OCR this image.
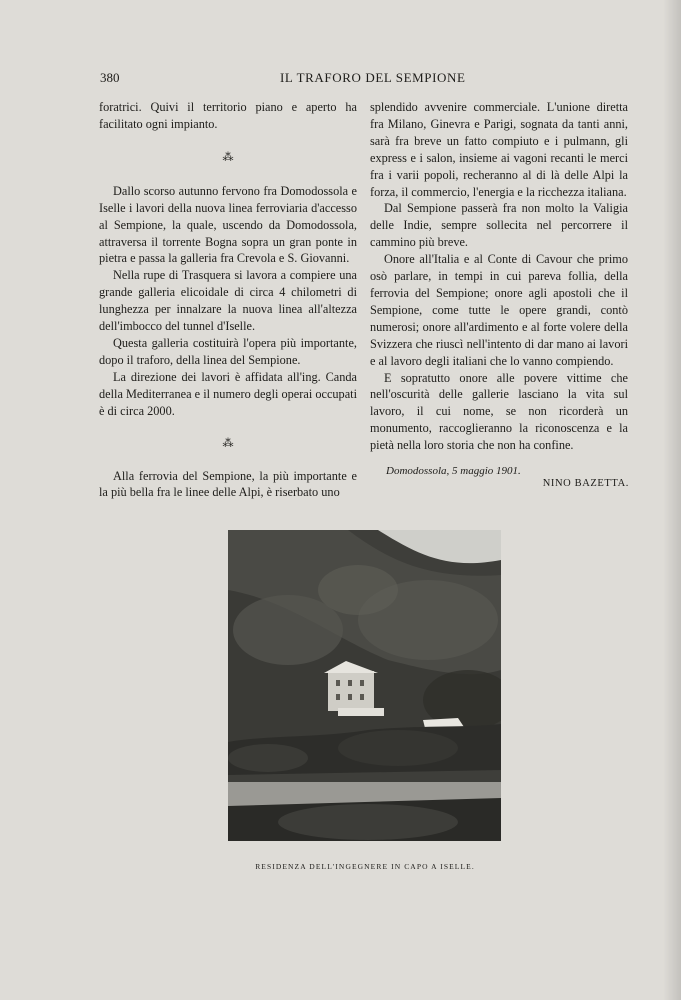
380	IL TRAFORO DEL SEMPIONE

foratrici. Quivi il territorio piano e aperto ha facilitato ogni impianto.

⁂

Dallo scorso autunno fervono fra Domodossola e Iselle i lavori della nuova linea ferroviaria d'accesso al Sempione, la quale, uscendo da Domodossola, attraversa il torrente Bogna sopra un gran ponte in pietra e passa la galleria fra Crevola e S. Giovanni.

Nella rupe di Trasquera si lavora a compiere una grande galleria elicoidale di circa 4 chilometri di lunghezza per innalzare la nuova linea all'altezza dell'imbocco del tunnel d'Iselle.

Questa galleria costituirà l'opera più importante, dopo il traforo, della linea del Sempione.

La direzione dei lavori è affidata all'ing. Canda della Mediterranea e il numero degli operai occupati è di circa 2000.

⁂

Alla ferrovia del Sempione, la più importante e la più bella fra le linee delle Alpi, è riserbato uno

splendido avvenire commerciale. L'unione diretta fra Milano, Ginevra e Parigi, sognata da tanti anni, sarà fra breve un fatto compiuto e i pulmann, gli express e i salon, insieme ai vagoni recanti le merci fra i varii popoli, recheranno al di là delle Alpi la forza, il commercio, l'energia e la ricchezza italiana.

Dal Sempione passerà fra non molto la Valigia delle Indie, sempre sollecita nel percorrere il cammino più breve.

Onore all'Italia e al Conte di Cavour che primo osò parlare, in tempi in cui pareva follia, della ferrovia del Sempione; onore agli apostoli che il Sempione, come tutte le opere grandi, contò numerosi; onore all'ardimento e al forte volere della Svizzera che riuscì nell'intento di dar mano ai lavori e al lavoro degli italiani che lo vanno compiendo.

E sopratutto onore alle povere vittime che nell'oscurità delle gallerie lasciano la vita sul lavoro, il cui nome, se non ricorderà un monumento, raccoglieranno la riconoscenza e la pietà nella loro storia che non ha confine.

Domodossola, 5 maggio 1901.
NINO BAZETTA.
RESIDENZA DELL'INGEGNERE IN CAPO A ISELLE.
